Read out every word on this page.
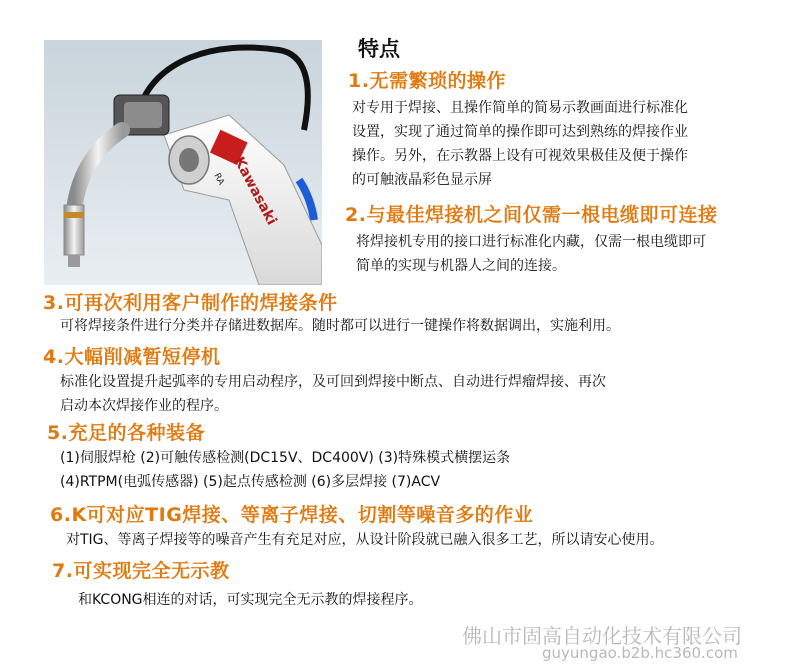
Kawasaki
RA
特点
1.无需繁琐的操作
对专用于焊接、且操作简单的简易示教画面进行标准化
设置，实现了通过简单的操作即可达到熟练的焊接作业
操作。另外，在示教器上设有可视效果极佳及便于操作
的可触液晶彩色显示屏
2.与最佳焊接机之间仅需一根电缆即可连接
将焊接机专用的接口进行标准化内藏，仅需一根电缆即可
简单的实现与机器人之间的连接。
3.可再次利用客户制作的焊接条件
可将焊接条件进行分类并存储进数据库。随时都可以进行一键操作将数据调出，实施利用。
4.大幅削减暂短停机
标准化设置提升起弧率的专用启动程序，及可回到焊接中断点、自动进行焊瘤焊接、再次
启动本次焊接作业的程序。
5.充足的各种装备
(1)伺服焊枪 (2)可触传感检测(DC15V、DC400V) (3)特殊模式横摆运条
(4)RTPM(电弧传感器) (5)起点传感检测 (6)多层焊接 (7)ACV
6.K可对应TIG焊接、等离子焊接、切割等噪音多的作业
对TIG、等离子焊接等的噪音产生有充足对应，从设计阶段就已融入很多工艺，所以请安心使用。
7.可实现完全无示教
和KCONG相连的对话，可实现完全无示教的焊接程序。
佛山市固高自动化技术有限公司
guyungao.b2b.hc360.com
